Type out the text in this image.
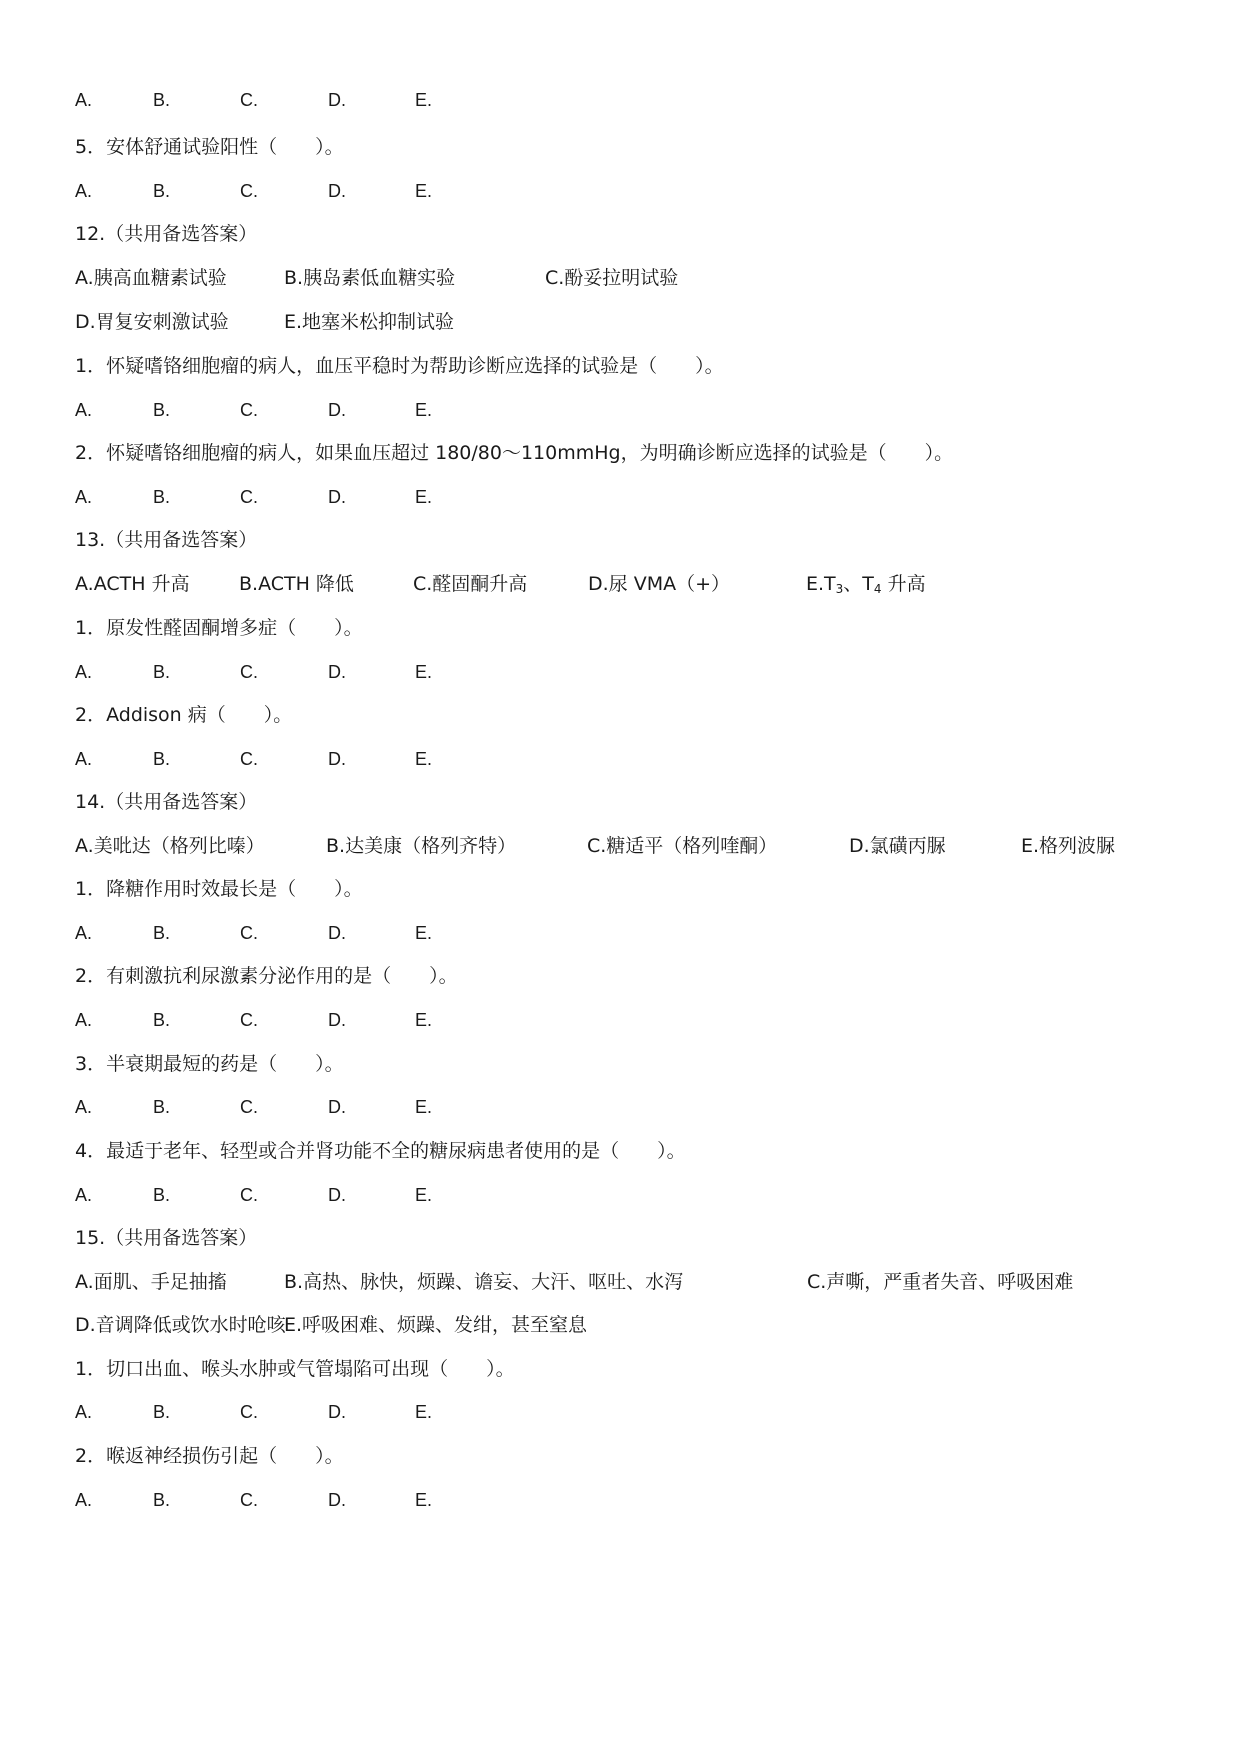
A.	B.	C.	D.	E.
5．安体舒通试验阳性（　　）。
A.	B.	C.	D.	E.
12.（共用备选答案）
A.胰高血糖素试验	B.胰岛素低血糖实验	C.酚妥拉明试验
D.胃复安刺激试验	E.地塞米松抑制试验
1．怀疑嗜铬细胞瘤的病人，血压平稳时为帮助诊断应选择的试验是（　　）。
A.	B.	C.	D.	E.
2．怀疑嗜铬细胞瘤的病人，如果血压超过 180/80～110mmHg，为明确诊断应选择的试验是（　　）。
A.	B.	C.	D.	E.
13.（共用备选答案）
A.ACTH 升高	B.ACTH 降低	C.醛固酮升高	D.尿 VMA（+）	$E.T_3$、$T_4$ 升高
1．原发性醛固酮增多症（　　）。
A.	B.	C.	D.	E.
2．Addison 病（　　）。
A.	B.	C.	D.	E.
14.（共用备选答案）
A.美吡达（格列比嗪）	B.达美康（格列齐特）	C.糖适平（格列喹酮）	D.氯磺丙脲	E.格列波脲
1．降糖作用时效最长是（　　）。
A.	B.	C.	D.	E.
2．有刺激抗利尿激素分泌作用的是（　　）。
A.	B.	C.	D.	E.
3．半衰期最短的药是（　　）。
A.	B.	C.	D.	E.
4．最适于老年、轻型或合并肾功能不全的糖尿病患者使用的是（　　）。
A.	B.	C.	D.	E.
15.（共用备选答案）
A.面肌、手足抽搐	B.高热、脉快，烦躁、谵妄、大汗、呕吐、水泻	C.声嘶，严重者失音、呼吸困难
D.音调降低或饮水时呛咳
E.呼吸困难、烦躁、发绀，甚至窒息
1．切口出血、喉头水肿或气管塌陷可出现（　　）。
A.	B.	C.	D.	E.
2．喉返神经损伤引起（　　）。
A.	B.	C.	D.	E.
